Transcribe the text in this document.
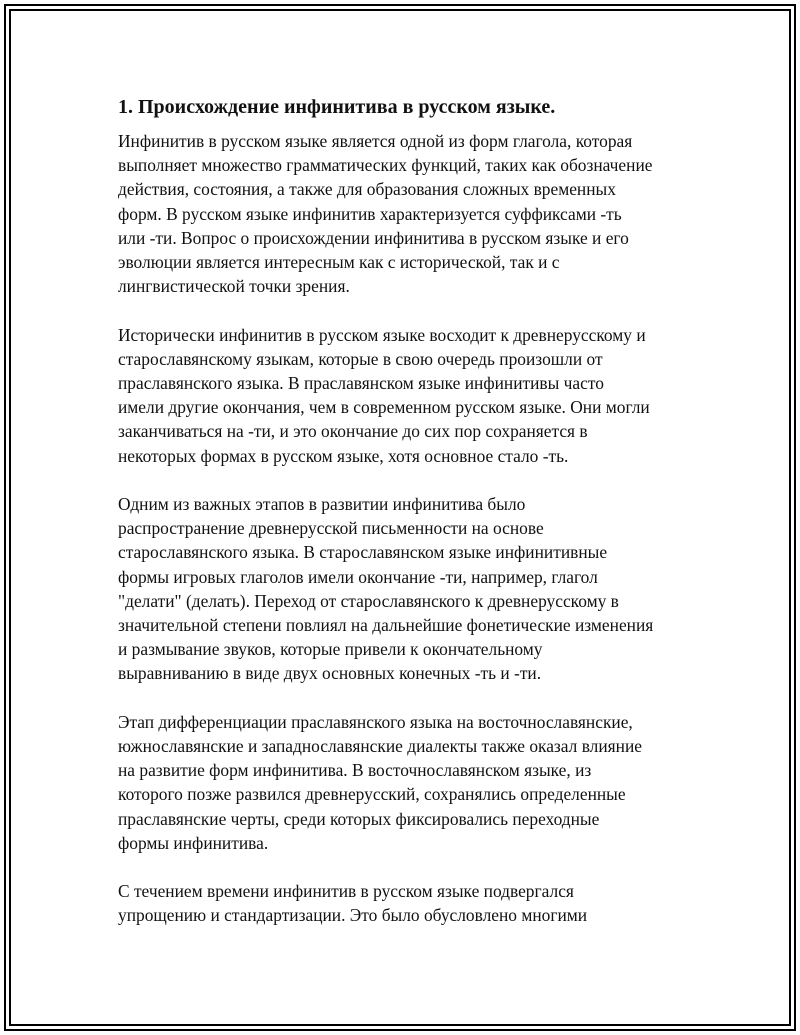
1. Происхождение инфинитива в русском языке.
Инфинитив в русском языке является одной из форм глагола, которая
выполняет множество грамматических функций, таких как обозначение
действия, состояния, а также для образования сложных временных
форм. В русском языке инфинитив характеризуется суффиксами -ть
или -ти. Вопрос о происхождении инфинитива в русском языке и его
эволюции является интересным как с исторической, так и с
лингвистической точки зрения.
Исторически инфинитив в русском языке восходит к древнерусскому и
старославянскому языкам, которые в свою очередь произошли от
праславянского языка. В праславянском языке инфинитивы часто
имели другие окончания, чем в современном русском языке. Они могли
заканчиваться на -ти, и это окончание до сих пор сохраняется в
некоторых формах в русском языке, хотя основное стало -ть.
Одним из важных этапов в развитии инфинитива было
распространение древнерусской письменности на основе
старославянского языка. В старославянском языке инфинитивные
формы игровых глаголов имели окончание -ти, например, глагол
"делати" (делать). Переход от старославянского к древнерусскому в
значительной степени повлиял на дальнейшие фонетические изменения
и размывание звуков, которые привели к окончательному
выравниванию в виде двух основных конечных -ть и -ти.
Этап дифференциации праславянского языка на восточнославянские,
южнославянские и западнославянские диалекты также оказал влияние
на развитие форм инфинитива. В восточнославянском языке, из
которого позже развился древнерусский, сохранялись определенные
праславянские черты, среди которых фиксировались переходные
формы инфинитива.
С течением времени инфинитив в русском языке подвергался
упрощению и стандартизации. Это было обусловлено многими
